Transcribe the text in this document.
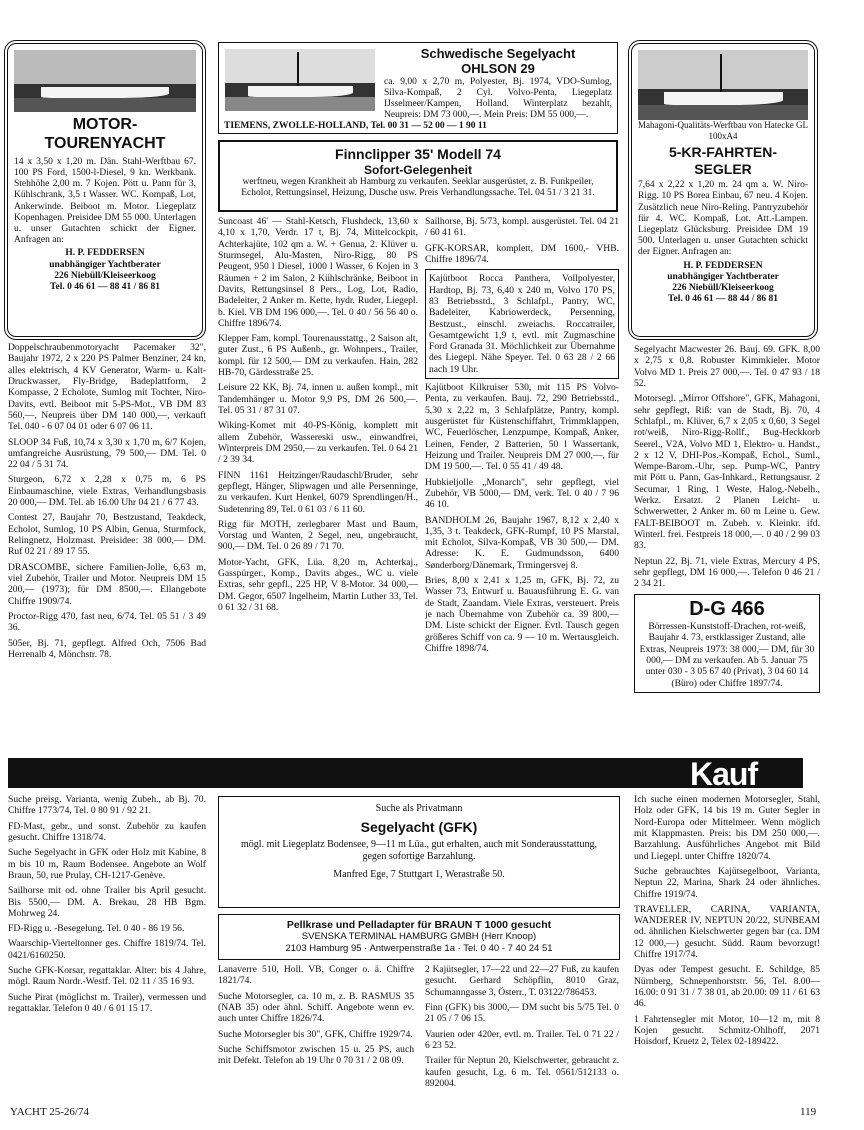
MOTOR-
TOURENYACHT

14 x 3,50 x 1,20 m. Dän. Stahl-Werftbau 67. 100 PS Ford, 1500-l-Diesel, 9 kn. Werkbank. Stehhöhe 2,00 m. 7 Kojen. Pött u. Pann für 3, Kühlschrank, 3,5 t Wasser. WC. Kompaß, Lot, Ankerwinde. Beiboot m. Motor. Liegeplatz Kopenhagen. Preisidee DM 55 000. Unterlagen u. unser Gutachten schickt der Eigner. Anfragen an:

H. P. FEDDERSEN
unabhängiger Yachtberater
226 Niebüll/Kleiseerkoog
Tel. 0 46 61 — 88 41 / 86 81
Schwedische Segelyacht
OHLSON 29

ca. 9,00 x 2,70 m, Polyester, Bj. 1974, VDO-Sumlog, Silva-Kompaß, 2 Cyl. Volvo-Penta, Liegeplatz IJsselmeer/Kampen, Holland. Winterplatz bezahlt, Neupreis: DM 73 000,—. Mein Preis: DM 55 000,—.

TIEMENS, ZWOLLE-HOLLAND, Tel. 00 31 — 52 00 — 1 90 11

Finnclipper 35' Modell 74
Sofort-Gelegenheit

werftneu, wegen Krankheit ab Hamburg zu verkaufen. Seeklar ausgerüstet, z. B. Funkpeiler, Echolot, Rettungsinsel, Heizung, Dusche usw. Preis Verhandlungssache. Tel. 04 51 / 3 21 31.

Mahagoni-Qualitäts-Werftbau von Hatecke GL 100xA4
5-KR-FAHRTEN-
SEGLER

7,64 x 2,22 x 1,20 m. 24 qm a. W. Niro-Rigg. 10 PS Borea Einbau, 67 neu. 4 Kojen. Zusätzlich neue Niro-Reling. Pantryzubehör für 4. WC. Kompaß, Lot. Att.-Lampen. Liegeplatz Glücksburg. Preisidee DM 19 500. Unterlagen u. unser Gutachten schickt der Eigner. Anfragen an:

H. P. FEDDERSEN
unabhängiger Yachtberater
226 Niebüll/Kleiseerkoog
Tel. 0 46 61 — 88 44 / 86 81

Doppelschraubenmotoryacht Pacemaker 32", Baujahr 1972, 2 x 220 PS Palmer Benziner, 24 kn, alles elektrisch, 4 KV Generator, Warm- u. Kalt-Druckwasser, Fly-Bridge, Badeplattform, 2 Kompasse, 2 Echolote, Sumlog mit Tochter, Niro-Davits, evtl. Beiboot mit 5-PS-Mot., VB DM 83 560,—, Neupreis über DM 140 000,—, verkauft Tel. 040 - 6 07 04 01 oder 6 07 06 11.

SLOOP 34 Fuß, 10,74 x 3,30 x 1,70 m, 6/7 Kojen, umfangreiche Ausrüstung, 79 500,— DM. Tel. 0 22 04 / 5 31 74.

Sturgeon, 6,72 x 2,28 x 0,75 m, 6 PS Einbaumaschine, viele Extras, Verhandlungsbasis 20 000,— DM. Tel. ab 16.00 Uhr 04 21 / 6 77 43.

Contest 27, Baujahr 70, Bestzustand, Teakdeck, Echolot, Sumlog, 10 PS Albin, Genua, Sturmfock, Relingnetz, Holzmast. Preisidee: 38 000,— DM. Ruf 02 21 / 89 17 55.

DRASCOMBE, sichere Familien-Jolle, 6,63 m, viel Zubehör, Trailer und Motor. Neupreis DM 15 200,— (1973); für DM 8500,—. Ellangebote Chiffre 1909/74.

Proctor-Rigg 470, fast neu, 6/74. Tel. 05 51 / 3 49 36.

505er, Bj. 71, gepflegt. Alfred Och, 7506 Bad Herrenalb 4, Mönchstr. 78.

Suncoast 46' — Stahl-Ketsch, Flushdeck, 13,60 x 4,10 x 1,70, Verdr. 17 t, Bj. 74, Mittelcockpit, Achterkajüte, 102 qm a. W. + Genua, 2. Klüver u. Sturmsegel, Alu-Masten, Niro-Rigg, 80 PS Peugeot, 950 l Diesel, 1000 l Wasser, 6 Kojen in 3 Räumen + 2 im Salon, 2 Kühlschränke, Beiboot in Davits, Rettungsinsel 8 Pers., Log, Lot, Radio, Badeleiter, 2 Anker m. Kette, hydr. Ruder, Liegepl. b. Kiel. VB DM 196 000,—. Tel. 0 40 / 56 56 40 o. Chiffre 1896/74.

Klepper Fam, kompl. Tourenausstattg., 2 Saison alt, guter Zust., 6 PS Außenb., gr. Wohnpers., Trailer, kompl. für 12 500,— DM zu verkaufen. Hain, 282 HB-70, Gärdesstraße 25.

Leisure 22 KK, Bj. 74, innen u. außen kompl., mit Tandemhänger u. Motor 9,9 PS, DM 26 500,—. Tel. 05 31 / 87 31 07.

Wiking-Komet mit 40-PS-König, komplett mit allem Zubehör, Wassereski usw., einwandfrei, Winterpreis DM 2950,— zu verkaufen. Tel. 0 64 21 / 2 39 34.

FINN 1161 Heitzinger/Raudaschl/Bruder, sehr gepflegt, Hänger, Slipwagen und alle Persenninge, zu verkaufen. Kurt Henkel, 6079 Sprendlingen/H., Sudetenring 89, Tel. 0 61 03 / 6 11 60.

Rigg für MOTH, zerlegbarer Mast und Baum, Vorstag und Wanten, 2 Segel, neu, ungebraucht, 900,— DM. Tel. 0 26 89 / 71 70.

Motor-Yacht, GFK, Lüa. 8,20 m, Achterkaj., Gasspürger., Komp., Davits abges., WC u. viele Extras, sehr gepfl., 225 HP, V 8-Motor. 34 000,— DM. Gegor, 6507 Ingelheim, Martin Luther 33, Tel. 0 61 32 / 31 68.

Sailhorse, Bj. 5/73, kompl. ausgerüstet. Tel. 04 21 / 60 41 61.

GFK-KORSAR, komplett, DM 1600,- VHB. Chiffre 1896/74.

Kajütboot Rocca Panthera, Vollpolyester, Hardtop, Bj. 73, 6,40 x 240 m, Volvo 170 PS, 83 Betriebsstd., 3 Schlafpl., Pantry, WC, Badeleiter, Kabriowerdeck, Persenning, Bestzust., einschl. zweiachs. Roccatrailer, Gesamtgewicht 1,9 t, evtl. mit Zugmaschine Ford Granada 31. Möchlichkeit zur Übernahme des Liegepl. Nähe Speyer. Tel. 0 63 28 / 2 66 nach 19 Uhr.

Kajütboot Kilkruiser 530, mit 115 PS Volvo-Penta, zu verkaufen. Bauj. 72, 290 Betriebsstd., 5,30 x 2,22 m, 3 Schlafplätze, Pantry, kompl. ausgerüstet für Küstenschiffahrt, Trimmklappen, WC, Feuerlöscher, Lenzpumpe, Kompaß, Anker, Leinen, Fender, 2 Batterien, 50 l Wassertank, Heizung und Trailer. Neupreis DM 27 000,—, für DM 19 500,—. Tel. 0 55 41 / 49 48.

Hubkieljolle „Monarch", sehr gepflegt, viel Zubehör, VB 5000,— DM, verk. Tel. 0 40 / 7 96 46 10.

BANDHOLM 26, Baujahr 1967, 8,12 x 2,40 x 1,35, 3 t. Teakdeck, GFK-Rumpf, 10 PS Marstal, mit Echolot, Silva-Kompaß, VB 30 500,— DM. Adresse: K. E. Gudmundsson, 6400 Sønderborg/Dänemark, Trmingersvej 8.

Bries, 8,00 x 2,41 x 1,25 m, GFK, Bj. 72, zu Wasser 73, Entwurf u. Bauausführung E. G. van de Stadt, Zaandam. Viele Extras, versteuert. Preis je nach Übernahme von Zubehör ca. 39 800,— DM. Liste schickt der Eigner. Evtl. Tausch gegen größeres Schiff von ca. 9 — 10 m. Wertausgleich. Chiffre 1898/74.

Segelyacht Macwester 26. Bauj. 69. GFK. 8,00 x 2,75 x 0,8. Robuster Kimmkieler. Motor Volvo MD 1. Preis 27 000,—. Tel. 0 47 93 / 18 52.

Motorsegl. „Mirror Offshore", GFK, Mahagoni, sehr gepflegt, Riß: van de Stadt, Bj. 70, 4 Schlafpl., m. Klüver, 6,7 x 2,05 x 0,60, 3 Segel rot/weiß, Niro-Rigg-Rollf., Bug-Heckkorb Seerel., V2A, Volvo MD 1, Elektro- u. Handst., 2 x 12 V, DHI-Pos.-Kompaß, Echol., Suml., Wempe-Barom.-Uhr, sep. Pump-WC, Pantry mit Pött u. Pann, Gas-Inhkard., Rettungsausr. 2 Secumar, 1 Ring, 1 Weste, Halog.-Nebelh., Werkz. Ersatzt. 2 Planen Leicht- u. Schwerwetter, 2 Anker m. 60 m Leine u. Gew. FALT-BEIBOOT m. Zubeh. v. Kleinkr. ifd. Winterl. frei. Festpreis 18 000,—. 0 40 / 2 99 03 83.

Neptun 22, Bj. 71, viele Extras, Mercury 4 PS, sehr gepflegt, DM 16 000,—. Telefon 0 46 21 / 2 34 21.

D-G 466

Börressen-Kunststoff-Drachen, rot-weiß, Baujahr 4. 73, erstklassiger Zustand, alle Extras, Neupreis 1973: 38 000,— DM, für 30 000,— DM zu verkaufen. Ab 5. Januar 75 unter 030 - 3 05 67 40 (Privat), 3 04 60 14 (Büro) oder Chiffre 1897/74.

Kauf

Suche preisg. Varianta, wenig Zubeh., ab Bj. 70. Chiffre 1773/74, Tel. 0 80 91 / 92 21.

FD-Mast, gebr., und sonst. Zubehör zu kaufen gesucht. Chiffre 1318/74.

Suche Segelyacht in GFK oder Holz mit Kabine, 8 m bis 10 m, Raum Bodensee. Angebote an Wolf Braun, 50, rue Prulay, CH-1217-Genève.

Sailhorse mit od. ohne Trailer bis April gesucht. Bis 5500,— DM. A. Brekau, 28 HB Bgm. Mohrweg 24.

FD-Rigg u. -Besegelung. Tel. 0 40 - 86 19 56.

Waarschip-Vierteltonner ges. Chiffre 1819/74. Tel. 0421/6160250.

Suche GFK-Korsar, regattaklar. Alter: bis 4 Jahre, mögl. Raum Nordr.-Westf. Tel. 02 11 / 35 16 93.

Suche Pirat (möglichst m. Trailer), vermessen und regattaklar. Telefon 0 40 / 6 01 15 17.

Suche als Privatmann
Segelyacht (GFK)

mögl. mit Liegeplatz Bodensee, 9—11 m Lüa., gut erhalten, auch mit Sonderausstattung, gegen sofortige Barzahlung.

Manfred Ege, 7 Stuttgart 1, Werastraße 50.

Pellkrase und Pelladapter für BRAUN T 1000 gesucht
SVENSKA TERMINAL HAMBURG GMBH (Herr Knoop)
2103 Hamburg 95 · Antwerpenstraße 1a · Tel. 0 40 - 7 40 24 51

Lanaverre 510, Holl. VB, Conger o. ä. Chiffre 1821/74.

Suche Motorsegler, ca. 10 m, z. B. RASMUS 35 (NAB 35) oder ähnl. Schiff. Angebote wenn ev. auch unter Chiffre 1826/74.

Suche Motorsegler bis 30", GFK, Chiffre 1929/74.

Suche Schiffsmotor zwischen 15 u. 25 PS, auch mit Defekt. Telefon ab 19 Uhr 0 70 31 / 2 08 09.

2 Kajütsegler, 17—22 und 22—27 Fuß, zu kaufen gesucht. Gerhard Schöpflin, 8010 Graz, Schumanngasse 3, Österr., T. 03122/786453.

Finn (GFK) bis 3000,— DM sucht bis 5/75 Tel. 0 21 05 / 7 06 15.

Vaurien oder 420er, evtl. m. Trailer. Tel. 0 71 22 / 6 23 52.

Trailer für Neptun 20, Kielschwerter, gebraucht z. kaufen gesucht, Lg. 6 m. Tel. 0561/512133 o. 892004.

Ich suche einen modernen Motorsegler, Stahl, Holz oder GFK, 14 bis 19 m. Guter Segler in Nord-Europa oder Mittelmeer. Wenn möglich mit Klappmasten. Preis: bis DM 250 000,—. Barzahlung. Ausführliches Angebot mit Bild und Liegepl. unter Chiffre 1820/74.

Suche gebrauchtes Kajütsegelboot, Varianta, Neptun 22, Marina, Shark 24 oder ähnliches. Chiffre 1919/74.

TRAVELLER, CARINA, VARIANTA, WANDERER IV, NEPTUN 20/22, SUNBEAM od. ähnlichen Kielschwerter gegen bar (ca. DM 12 000,—) gesucht. Südd. Raum bevorzugt! Chiffre 1917/74.

Dyas oder Tempest gesucht. E. Schildge, 85 Nürnberg, Schnepenhorststr. 56, Tel. 8.00—16.00: 0 91 31 / 7 38 01, ab 20.00: 09 11 / 61 63 46.

1 Fahrtensegler mit Motor, 10—12 m, mit 8 Kojen gesucht. Schmitz-Ohlhoff, 2071 Hoisdorf, Kruetz 2, Telex 02-189422.

YACHT 25-26/74	119
